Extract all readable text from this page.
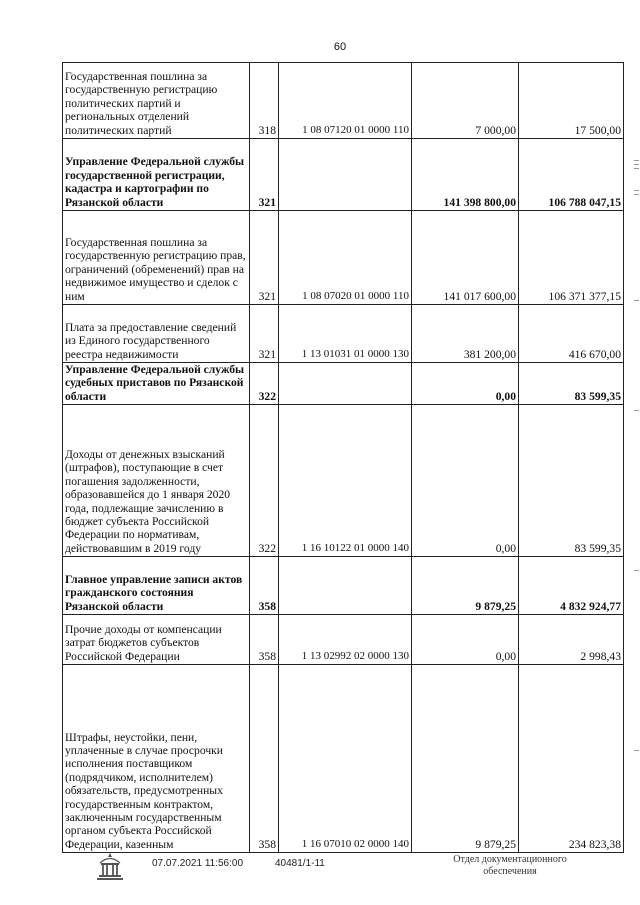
60
Государственная пошлина за государственную регистрацию политических партий и региональных отделений политических партий	318	1 08 07120 01 0000 110	7 000,00	17 500,00
Управление Федеральной службы государственной регистрации, кадастра и картографии по Рязанской области	321		141 398 800,00	106 788 047,15
Государственная пошлина за государственную регистрацию прав, ограничений (обременений) прав на недвижимое имущество и сделок с ним	321	1 08 07020 01 0000 110	141 017 600,00	106 371 377,15
Плата за предоставление сведений из Единого государственного реестра недвижимости	321	1 13 01031 01 0000 130	381 200,00	416 670,00
Управление Федеральной службы судебных приставов по Рязанской области	322		0,00	83 599,35
Доходы от денежных взысканий (штрафов), поступающие в счет погашения задолженности, образовавшейся до 1 января 2020 года, подлежащие зачислению в бюджет субъекта Российской Федерации по нормативам, действовавшим в 2019 году	322	1 16 10122 01 0000 140	0,00	83 599,35
Главное управление записи актов гражданского состояния Рязанской области	358		9 879,25	4 832 924,77
Прочие доходы от компенсации затрат бюджетов субъектов Российской Федерации	358	1 13 02992 02 0000 130	0,00	2 998,43
Штрафы, неустойки, пени, уплаченные в случае просрочки исполнения поставщиком (подрядчиком, исполнителем) обязательств, предусмотренных государственным контрактом, заключенным государственным органом субъекта Российской Федерации, казенным	358	1 16 07010 02 0000 140	9 879,25	234 823,38
07.07.2021 11:56:00	40481/1-11	Отдел документационного
обеспечения
